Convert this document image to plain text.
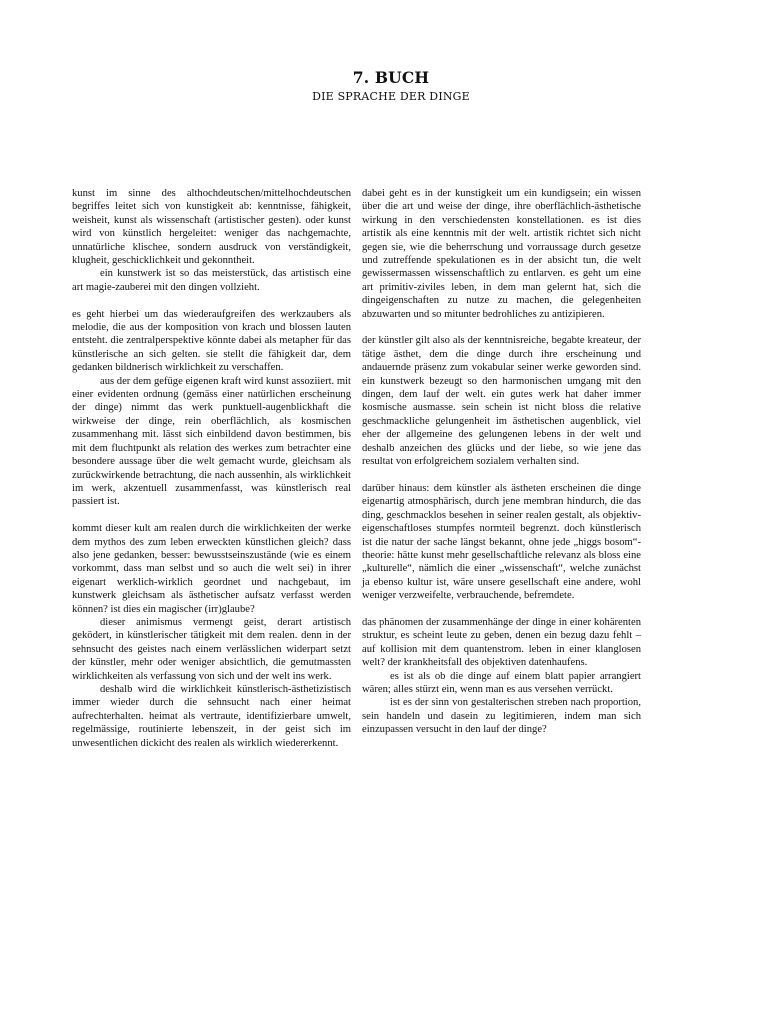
7. BUCH
DIE SPRACHE DER DINGE

kunst im sinne des althochdeutschen/mittelhochdeutschen begriffes leitet sich von kunstigkeit ab: kenntnisse, fähigkeit, weisheit, kunst als wissenschaft (artistischer gesten). oder kunst wird von künstlich hergeleitet: weniger das nachgemachte, unnatürliche klischee, sondern ausdruck von verständigkeit, klugheit, geschicklichkeit und gekonntheit.

ein kunstwerk ist so das meisterstück, das artistisch eine art magie-zauberei mit den dingen vollzieht.

es geht hierbei um das wiederaufgreifen des werkzaubers als melodie, die aus der komposition von krach und blossen lauten entsteht. die zentralperspektive könnte dabei als metapher für das künstlerische an sich gelten. sie stellt die fähigkeit dar, dem gedanken bildnerisch wirklichkeit zu verschaffen.

aus der dem gefüge eigenen kraft wird kunst assoziiert. mit einer evidenten ordnung (gemäss einer natürlichen erscheinung der dinge) nimmt das werk punktuell-augenblickhaft die wirkweise der dinge, rein oberflächlich, als kosmischen zusammenhang mit. lässt sich einbildend davon bestimmen, bis mit dem fluchtpunkt als relation des werkes zum betrachter eine besondere aussage über die welt gemacht wurde, gleichsam als zurückwirkende betrachtung, die nach aussenhin, als wirklichkeit im werk, akzentuell zusammenfasst, was künstlerisch real passiert ist.

kommt dieser kult am realen durch die wirklichkeiten der werke dem mythos des zum leben erweckten künstlichen gleich? dass also jene gedanken, besser: bewusstseinszustände (wie es einem vorkommt, dass man selbst und so auch die welt sei) in ihrer eigenart werklich-wirklich geordnet und nachgebaut, im kunstwerk gleichsam als ästhetischer aufsatz verfasst werden können? ist dies ein magischer (irr)glaube?

dieser animismus vermengt geist, derart artistisch geködert, in künstlerischer tätigkeit mit dem realen. denn in der sehnsucht des geistes nach einem verlässlichen widerpart setzt der künstler, mehr oder weniger absichtlich, die gemutmassten wirklichkeiten als verfassung von sich und der welt ins werk.

deshalb wird die wirklichkeit künstlerisch-ästhetizistisch immer wieder durch die sehnsucht nach einer heimat aufrechterhalten. heimat als vertraute, identifizierbare umwelt, regelmässige, routinierte lebenszeit, in der geist sich im unwesentlichen dickicht des realen als wirklich wiedererkennt.

dabei geht es in der kunstigkeit um ein kundigsein; ein wissen über die art und weise der dinge, ihre oberflächlich-ästhetische wirkung in den verschiedensten konstellationen. es ist dies artistik als eine kenntnis mit der welt. artistik richtet sich nicht gegen sie, wie die beherrschung und vorraussage durch gesetze und zutreffende spekulationen es in der absicht tun, die welt gewissermassen wissenschaftlich zu entlarven. es geht um eine art primitiv-ziviles leben, in dem man gelernt hat, sich die dingeigenschaften zu nutze zu machen, die gelegenheiten abzuwarten und so mitunter bedrohliches zu antizipieren.

der künstler gilt also als der kenntnisreiche, begabte kreateur, der tätige ästhet, dem die dinge durch ihre erscheinung und andauernde präsenz zum vokabular seiner werke geworden sind. ein kunstwerk bezeugt so den harmonischen umgang mit den dingen, dem lauf der welt. ein gutes werk hat daher immer kosmische ausmasse. sein schein ist nicht bloss die relative geschmackliche gelungenheit im ästhetischen augenblick, viel eher der allgemeine des gelungenen lebens in der welt und deshalb anzeichen des glücks und der liebe, so wie jene das resultat von erfolgreichem sozialem verhalten sind.

darüber hinaus: dem künstler als ästheten erscheinen die dinge eigenartig atmosphärisch, durch jene membran hindurch, die das ding, geschmacklos besehen in seiner realen gestalt, als objektiv-eigenschaftloses stumpfes normteil begrenzt. doch künstlerisch ist die natur der sache längst bekannt, ohne jede „higgs bosom“-theorie: hätte kunst mehr gesellschaftliche relevanz als bloss eine „kulturelle“, nämlich die einer „wissenschaft“, welche zunächst ja ebenso kultur ist, wäre unsere gesellschaft eine andere, wohl weniger verzweifelte, verbrauchende, befremdete.

das phänomen der zusammenhänge der dinge in einer kohärenten struktur, es scheint leute zu geben, denen ein bezug dazu fehlt – auf kollision mit dem quantenstrom. leben in einer klanglosen welt? der krankheitsfall des objektiven datenhaufens.

es ist als ob die dinge auf einem blatt papier arrangiert wären; alles stürzt ein, wenn man es aus versehen verrückt.

ist es der sinn von gestalterischen streben nach proportion, sein handeln und dasein zu legitimieren, indem man sich einzupassen versucht in den lauf der dinge?
